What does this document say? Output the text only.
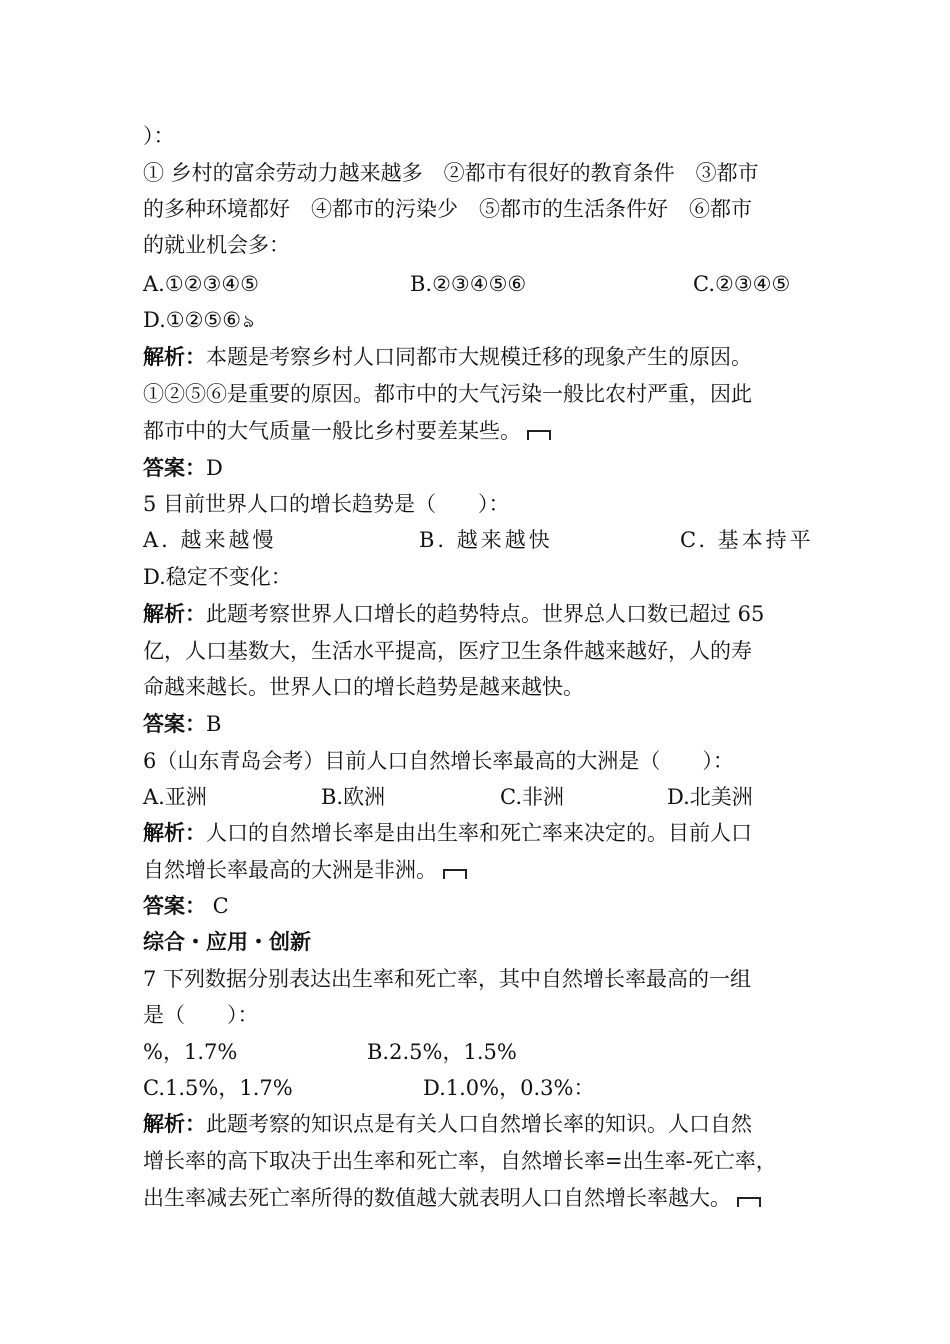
）：
① 乡村的富余劳动力越来越多　②都市有很好的教育条件　③都市
的多种环境都好　④都市的污染少　⑤都市的生活条件好　⑥都市
的就业机会多：
A.①②③④⑤	B.②③④⑤⑥	C.②③④⑤
D.①②⑤⑥ ঌ
解析：本题是考察乡村人口同都市大规模迁移的现象产生的原因。
①②⑤⑥是重要的原因。都市中的大气污染一般比农村严重，因此
都市中的大气质量一般比乡村要差某些。
答案：D
5 目前世界人口的增长趋势是（　　）：
A. 越来越慢	B. 越来越快	C. 基本持平
D.稳定不变化：
解析：此题考察世界人口增长的趋势特点。世界总人口数已超过 65
亿，人口基数大，生活水平提高，医疗卫生条件越来越好，人的寿
命越来越长。世界人口的增长趋势是越来越快。
答案：B
6（山东青岛会考）目前人口自然增长率最高的大洲是（　　）：
A.亚洲	B.欧洲	C.非洲	D.北美洲
解析：人口的自然增长率是由出生率和死亡率来决定的。目前人口
自然增长率最高的大洲是非洲。
答案： C
综合・应用・创新
7 下列数据分别表达出生率和死亡率，其中自然增长率最高的一组
是（　　）：
%，1.7%	B.2.5%，1.5%
C.1.5%，1.7%	D.1.0%，0.3%：
解析：此题考察的知识点是有关人口自然增长率的知识。人口自然
增长率的高下取决于出生率和死亡率，自然增长率=出生率-死亡率，
出生率减去死亡率所得的数值越大就表明人口自然增长率越大。
